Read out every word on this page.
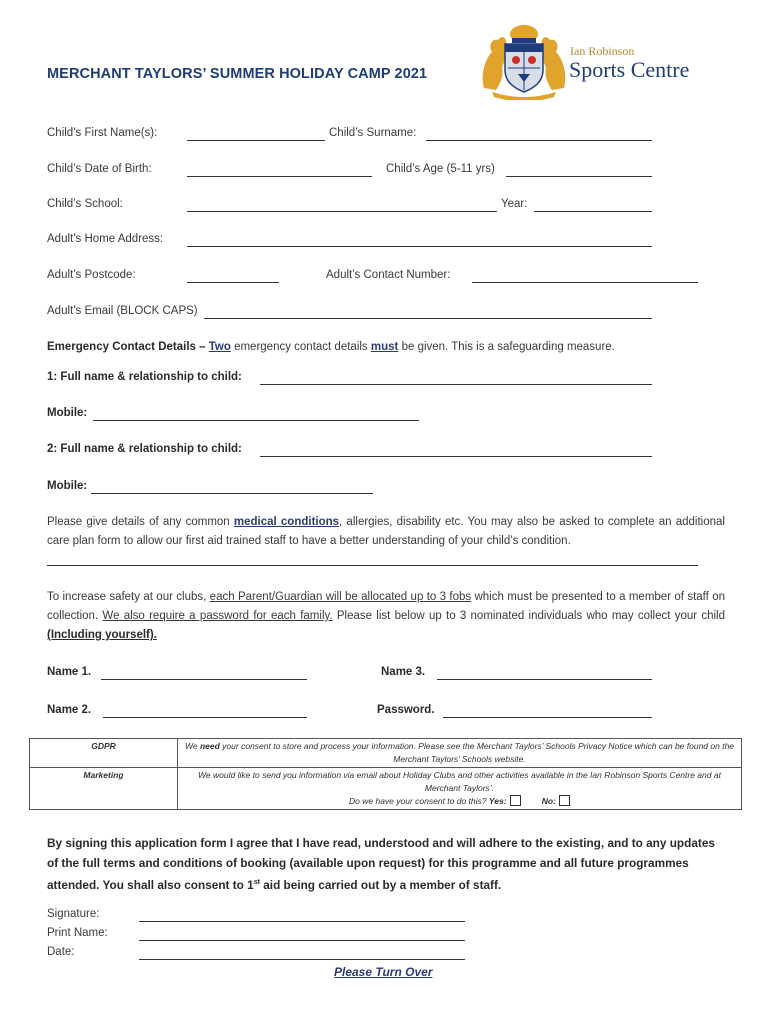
MERCHANT TAYLORS’ SUMMER HOLIDAY CAMP 2021
Ian Robinson
Sports Centre
Child’s First Name(s):	Child’s Surname:
Child’s Date of Birth:	Child’s Age (5-11 yrs)
Child’s School:	Year:
Adult’s Home Address:
Adult’s Postcode:	Adult’s Contact Number:
Adult’s Email (BLOCK CAPS)
Emergency Contact Details – Two emergency contact details must be given. This is a safeguarding measure.
1: Full name & relationship to child:
Mobile:
2: Full name & relationship to child:
Mobile:
Please give details of any common medical conditions, allergies, disability etc. You may also be asked to complete an additional care plan form to allow our first aid trained staff to have a better understanding of your child’s condition.
To increase safety at our clubs, each Parent/Guardian will be allocated up to 3 fobs which must be presented to a member of staff on collection. We also require a password for each family. Please list below up to 3 nominated individuals who may collect your child (Including yourself).
Name 1.	Name 3.
Name 2.	Password.
GDPR	We need your consent to store and process your information. Please see the Merchant Taylors’ Schools Privacy Notice which can be found on the Merchant Taylors’ Schools website.
Marketing	We would like to send you information via email about Holiday Clubs and other activities available in the Ian Robinson Sports Centre and at Merchant Taylors’.
Do we have your consent to do this? Yes: No:
By signing this application form I agree that I have read, understood and will adhere to the existing, and to any updates of the full terms and conditions of booking (available upon request) for this programme and all future programmes attended. You shall also consent to 1st aid being carried out by a member of staff.
Signature:
Print Name:
Date:
Please Turn Over
